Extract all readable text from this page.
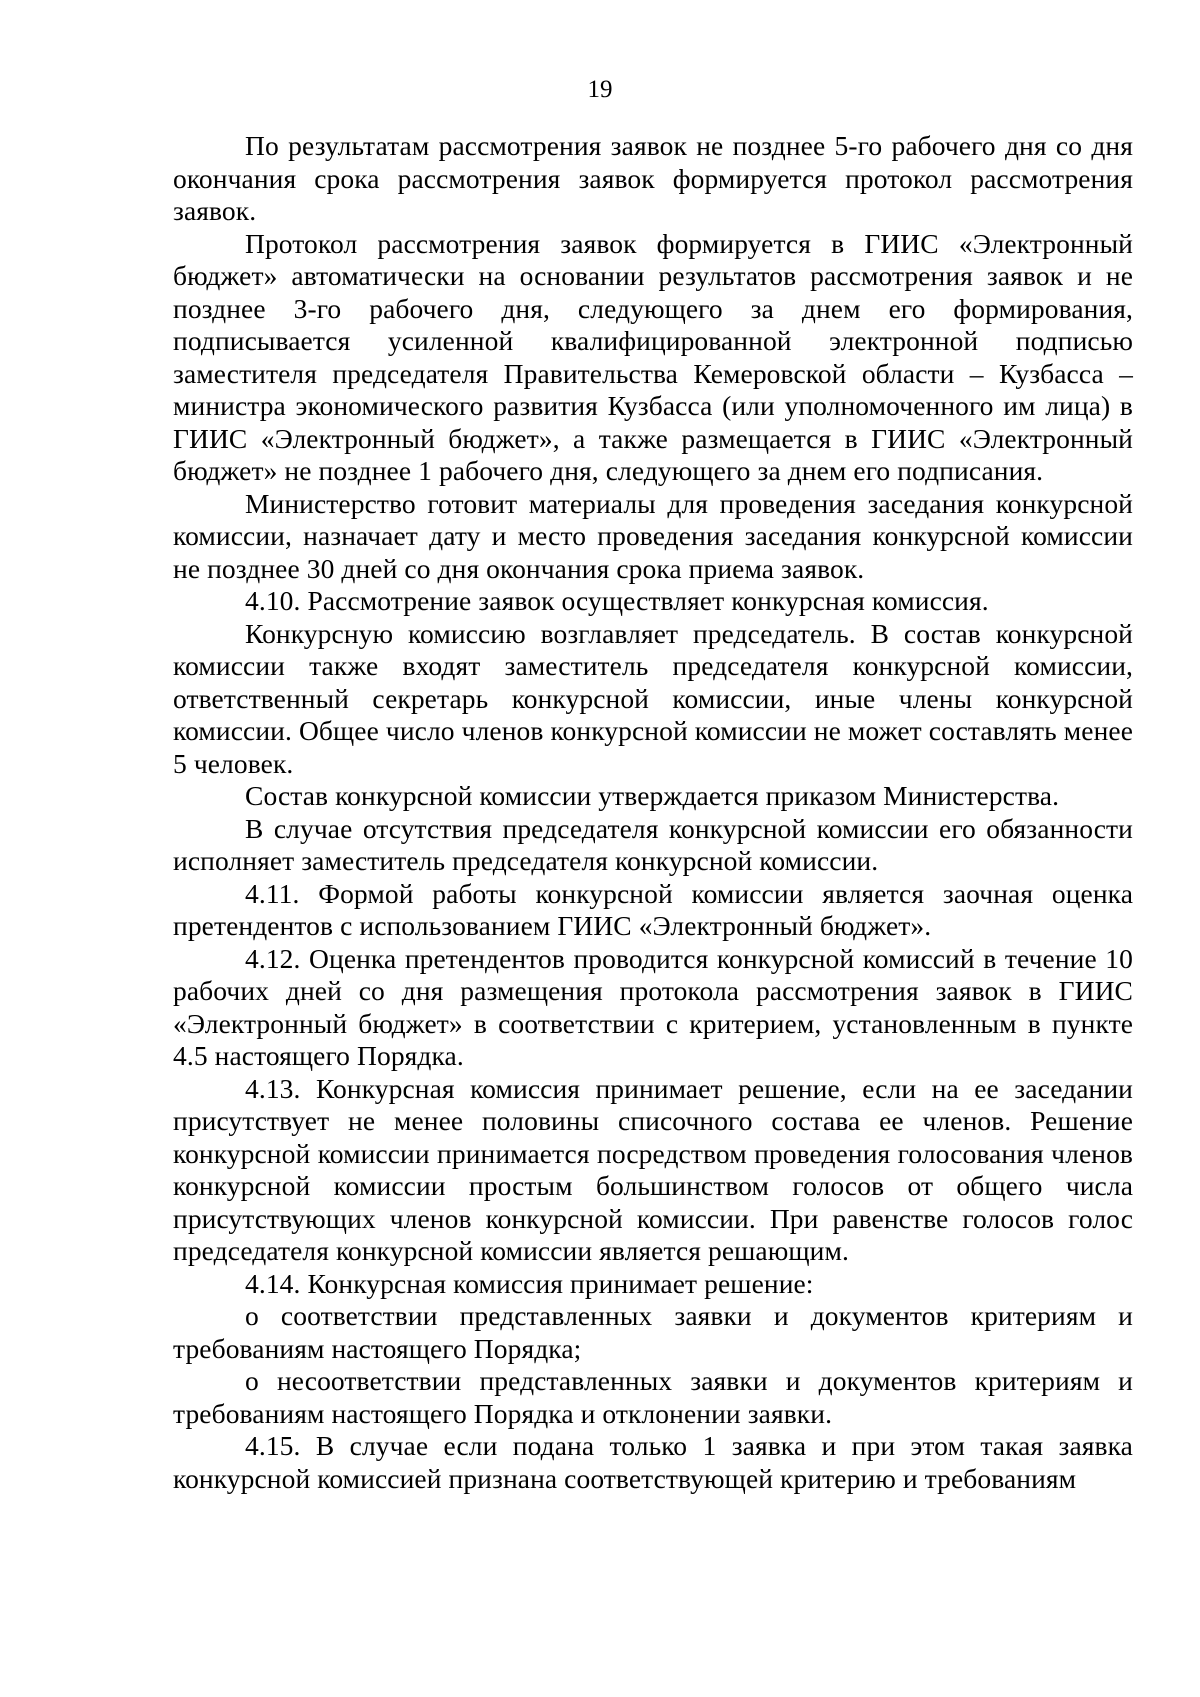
19

По результатам рассмотрения заявок не позднее 5-го рабочего дня со дня окончания срока рассмотрения заявок формируется протокол рассмотрения заявок.

Протокол рассмотрения заявок формируется в ГИИС «Электронный бюджет» автоматически на основании результатов рассмотрения заявок и не позднее 3-го рабочего дня, следующего за днем его формирования, подписывается усиленной квалифицированной электронной подписью заместителя председателя Правительства Кемеровской области – Кузбасса – министра экономического развития Кузбасса (или уполномоченного им лица) в ГИИС «Электронный бюджет», а также размещается в ГИИС «Электронный бюджет» не позднее 1 рабочего дня, следующего за днем его подписания.

Министерство готовит материалы для проведения заседания конкурсной комиссии, назначает дату и место проведения заседания конкурсной комиссии не позднее 30 дней со дня окончания срока приема заявок.

4.10. Рассмотрение заявок осуществляет конкурсная комиссия.

Конкурсную комиссию возглавляет председатель. В состав конкурсной комиссии также входят заместитель председателя конкурсной комиссии, ответственный секретарь конкурсной комиссии, иные члены конкурсной комиссии. Общее число членов конкурсной комиссии не может составлять менее 5 человек.

Состав конкурсной комиссии утверждается приказом Министерства.

В случае отсутствия председателя конкурсной комиссии его обязанности исполняет заместитель председателя конкурсной комиссии.

4.11. Формой работы конкурсной комиссии является заочная оценка претендентов с использованием ГИИС «Электронный бюджет».

4.12. Оценка претендентов проводится конкурсной комиссий в течение 10 рабочих дней со дня размещения протокола рассмотрения заявок в ГИИС «Электронный бюджет» в соответствии с критерием, установленным в пункте 4.5 настоящего Порядка.

4.13. Конкурсная комиссия принимает решение, если на ее заседании присутствует не менее половины списочного состава ее членов. Решение конкурсной комиссии принимается посредством проведения голосования членов конкурсной комиссии простым большинством голосов от общего числа присутствующих членов конкурсной комиссии. При равенстве голосов голос председателя конкурсной комиссии является решающим.

4.14. Конкурсная комиссия принимает решение:

о соответствии представленных заявки и документов критериям и требованиям настоящего Порядка;

о несоответствии представленных заявки и документов критериям и требованиям настоящего Порядка и отклонении заявки.

4.15. В случае если подана только 1 заявка и при этом такая заявка конкурсной комиссией признана соответствующей критерию и требованиям
